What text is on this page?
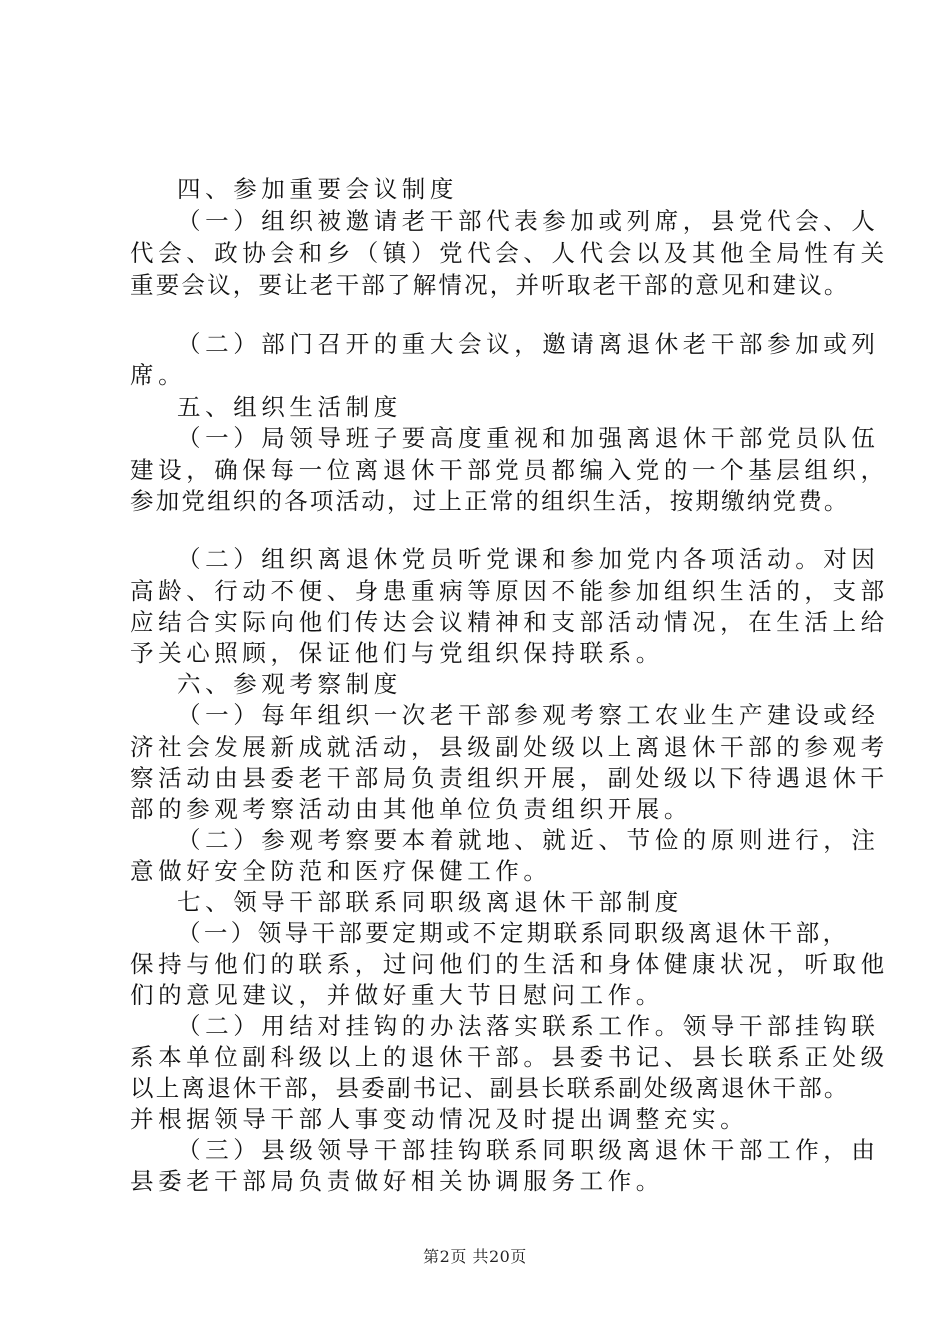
四、参加重要会议制度
（一）组织被邀请老干部代表参加或列席，县党代会、人
代会、政协会和乡（镇）党代会、人代会以及其他全局性有关
重要会议，要让老干部了解情况，并听取老干部的意见和建议。
（二）部门召开的重大会议，邀请离退休老干部参加或列
席。
五、组织生活制度
（一）局领导班子要高度重视和加强离退休干部党员队伍
建设，确保每一位离退休干部党员都编入党的一个基层组织，
参加党组织的各项活动，过上正常的组织生活，按期缴纳党费。
（二）组织离退休党员听党课和参加党内各项活动。对因
高龄、行动不便、身患重病等原因不能参加组织生活的，支部
应结合实际向他们传达会议精神和支部活动情况，在生活上给
予关心照顾，保证他们与党组织保持联系。
六、参观考察制度
（一）每年组织一次老干部参观考察工农业生产建设或经
济社会发展新成就活动，县级副处级以上离退休干部的参观考
察活动由县委老干部局负责组织开展，副处级以下待遇退休干
部的参观考察活动由其他单位负责组织开展。
（二）参观考察要本着就地、就近、节俭的原则进行，注
意做好安全防范和医疗保健工作。
七、领导干部联系同职级离退休干部制度
（一）领导干部要定期或不定期联系同职级离退休干部，
保持与他们的联系，过问他们的生活和身体健康状况，听取他
们的意见建议，并做好重大节日慰问工作。
（二）用结对挂钩的办法落实联系工作。领导干部挂钩联
系本单位副科级以上的退休干部。县委书记、县长联系正处级
以上离退休干部，县委副书记、副县长联系副处级离退休干部。
并根据领导干部人事变动情况及时提出调整充实。
（三）县级领导干部挂钩联系同职级离退休干部工作，由
县委老干部局负责做好相关协调服务工作。
第2页 共20页
